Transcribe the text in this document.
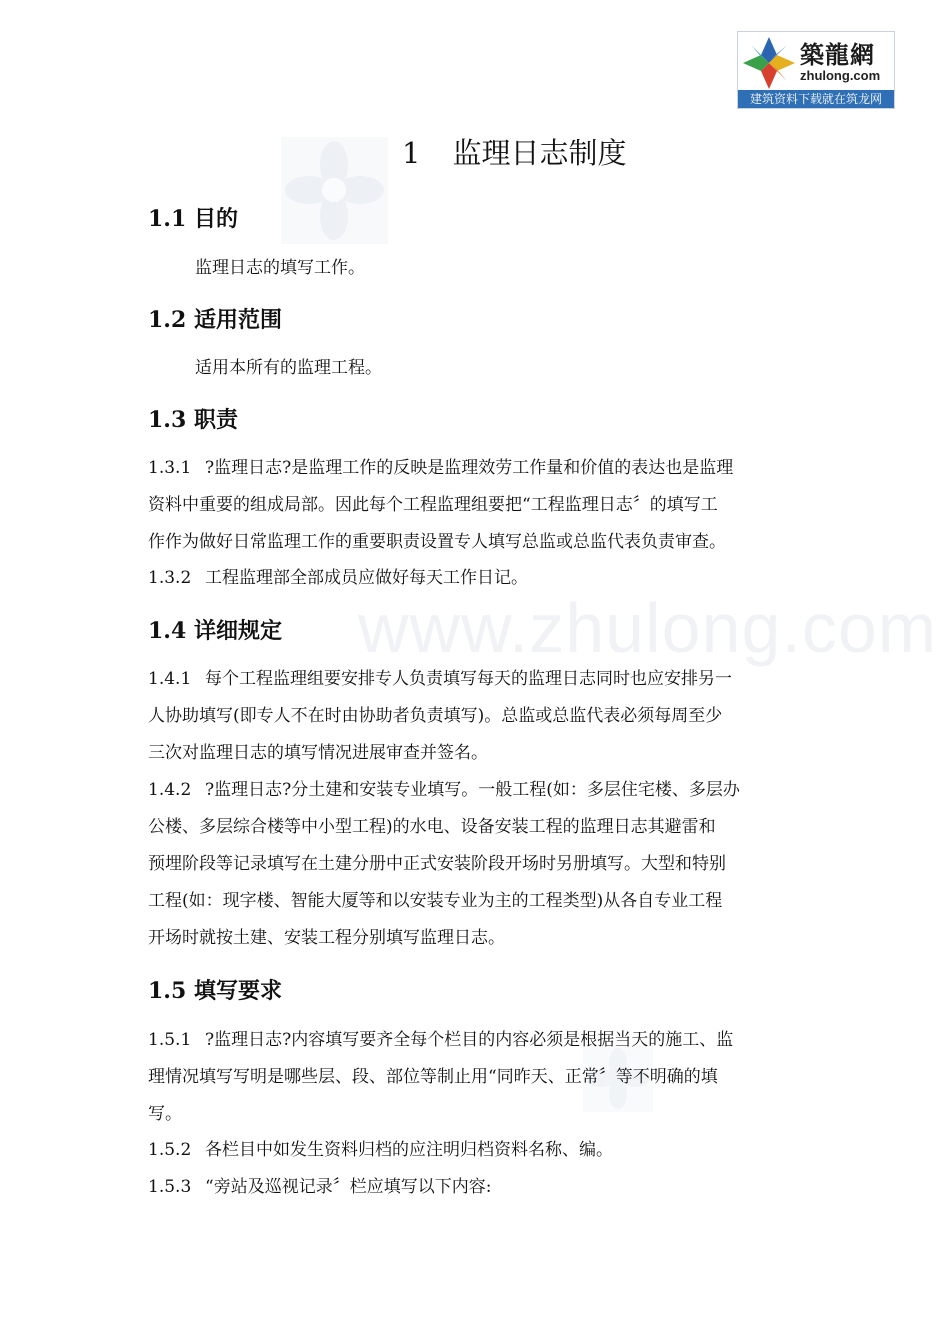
築龍網
zhulong.com
建筑资料下载就在筑龙网
www.zhulong.com
1 监理日志制度
1.1 目的
监理日志的填写工作。
1.2 适用范围
适用本所有的监理工程。
1.3 职责
1.3.1 ?监理日志?是监理工作的反映是监理效劳工作量和价值的表达也是监理
资料中重要的组成局部。因此每个工程监理组要把“工程监理日志〞的填写工
作作为做好日常监理工作的重要职责设置专人填写总监或总监代表负责审查。
1.3.2 工程监理部全部成员应做好每天工作日记。
1.4 详细规定
1.4.1 每个工程监理组要安排专人负责填写每天的监理日志同时也应安排另一
人协助填写(即专人不在时由协助者负责填写)。总监或总监代表必须每周至少
三次对监理日志的填写情况进展审查并签名。
1.4.2 ?监理日志?分土建和安装专业填写。一般工程(如：多层住宅楼、多层办
公楼、多层综合楼等中小型工程)的水电、设备安装工程的监理日志其避雷和
预埋阶段等记录填写在土建分册中正式安装阶段开场时另册填写。大型和特别
工程(如：现字楼、智能大厦等和以安装专业为主的工程类型)从各自专业工程
开场时就按土建、安装工程分别填写监理日志。
1.5 填写要求
1.5.1 ?监理日志?内容填写要齐全每个栏目的内容必须是根据当天的施工、监
理情况填写写明是哪些层、段、部位等制止用“同昨天、正常〞等不明确的填
写。
1.5.2 各栏目中如发生资料归档的应注明归档资料名称、编。
1.5.3 “旁站及巡视记录〞栏应填写以下内容:
